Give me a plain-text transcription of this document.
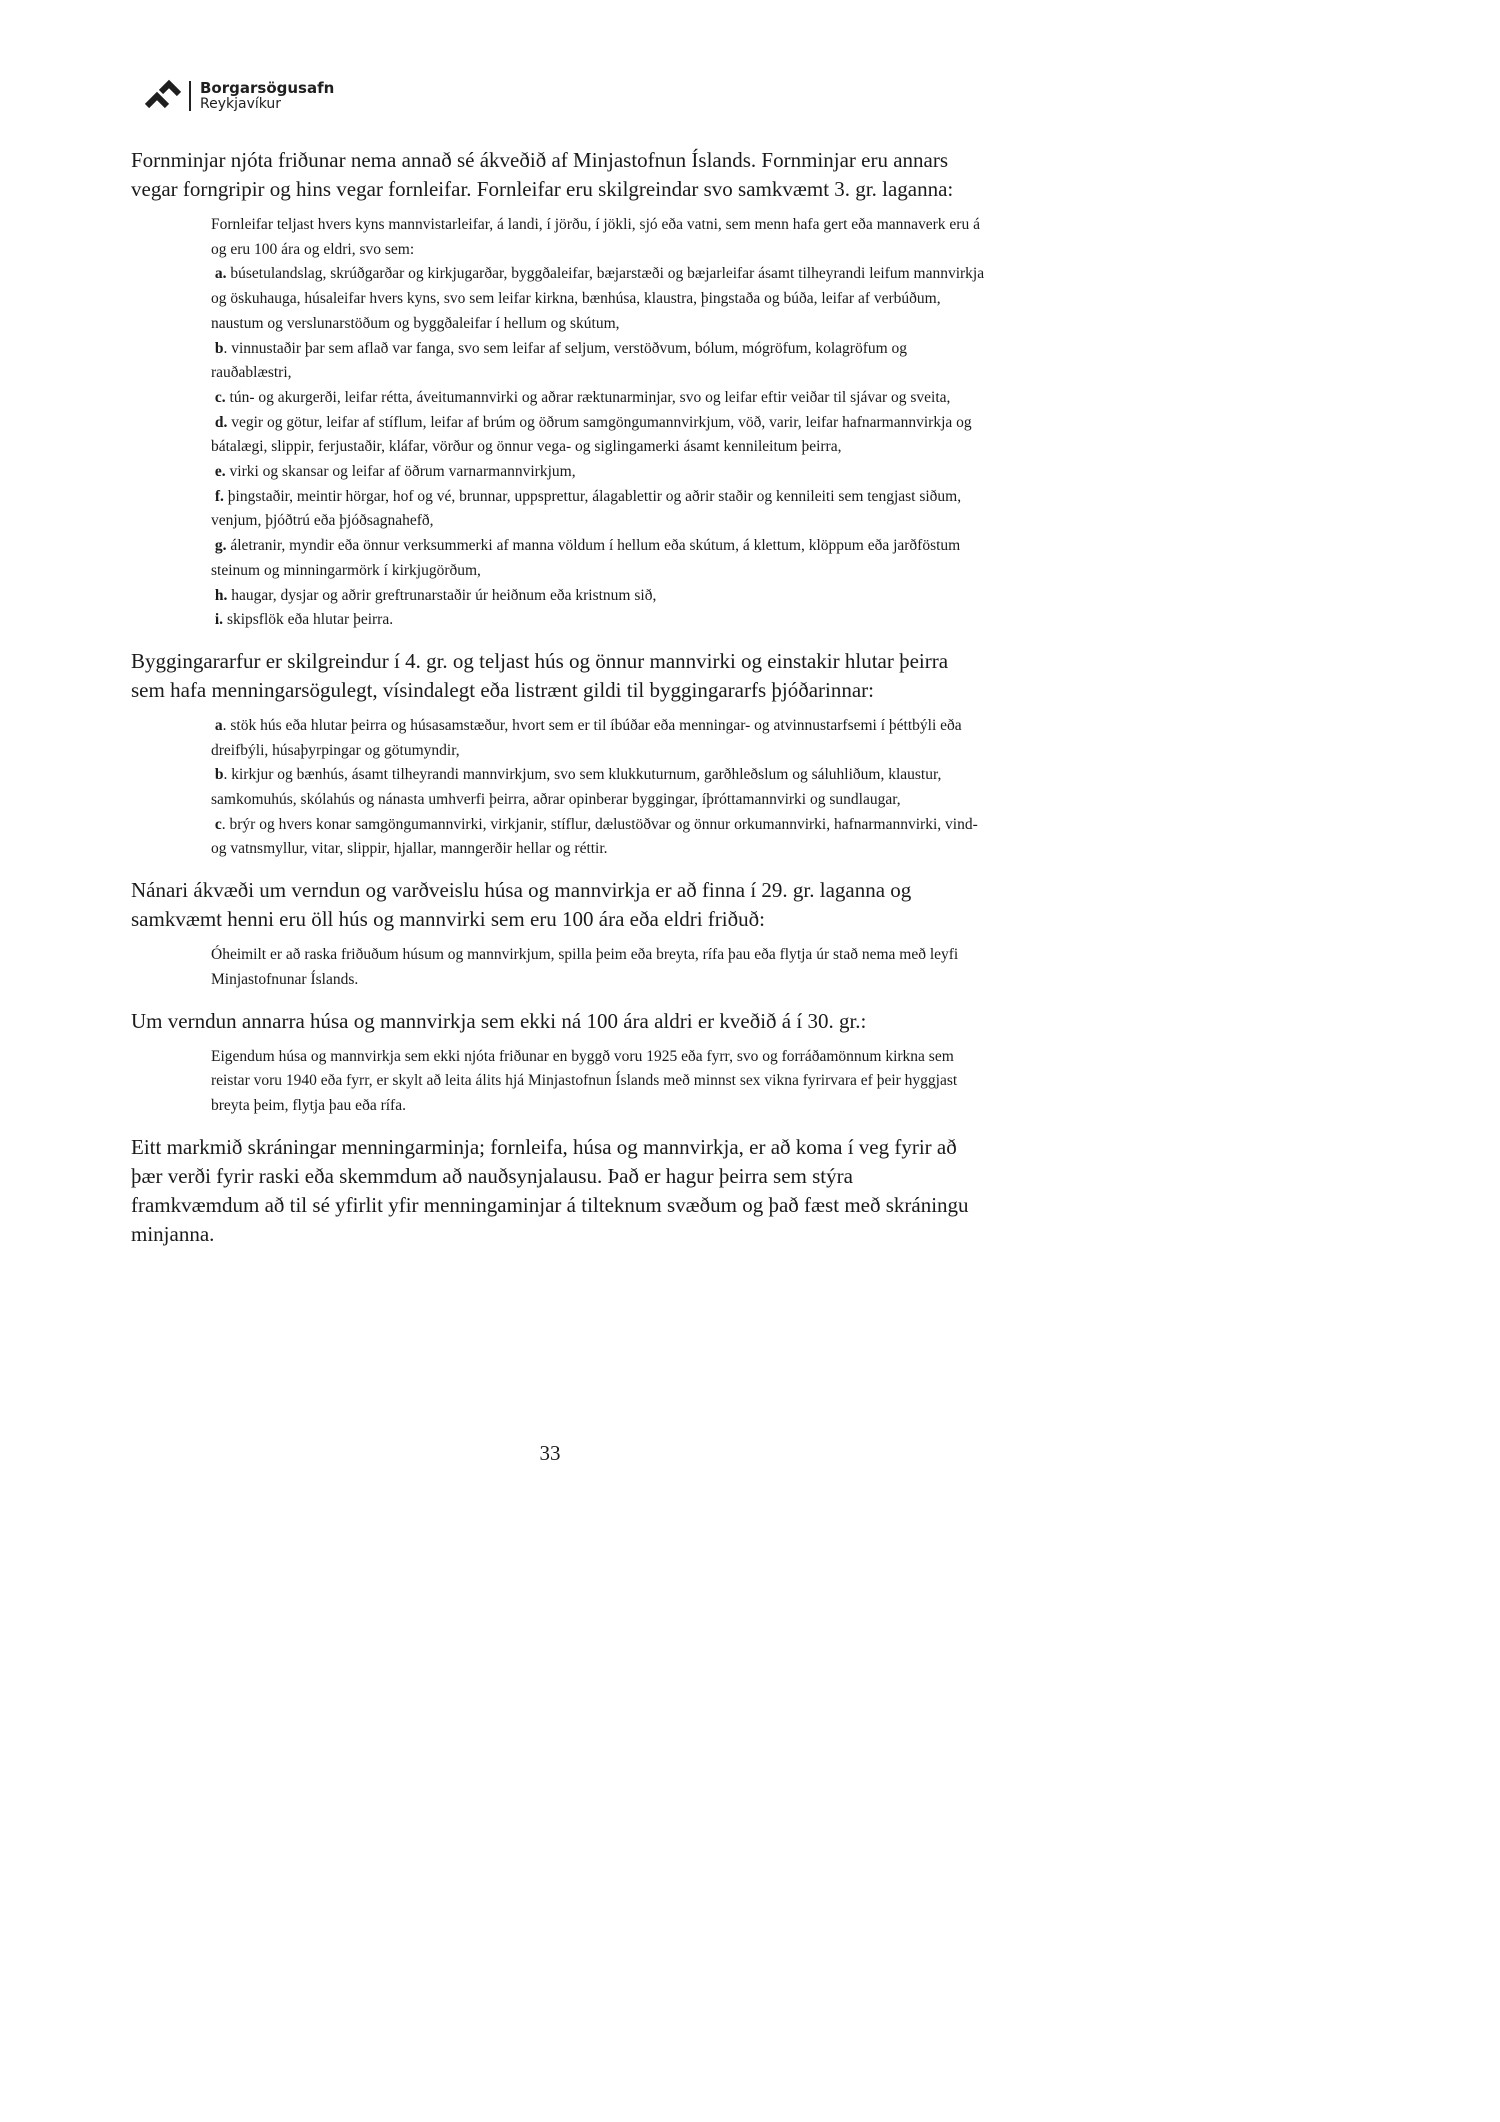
Borgarsögusafn
Reykjavíkur

Fornminjar njóta friðunar nema annað sé ákveðið af Minjastofnun Íslands. Fornminjar eru annars vegar forngripir og hins vegar fornleifar. Fornleifar eru skilgreindar svo samkvæmt 3. gr. laganna:

Fornleifar teljast hvers kyns mannvistarleifar, á landi, í jörðu, í jökli, sjó eða vatni, sem menn hafa gert eða mannaverk eru á og eru 100 ára og eldri, svo sem:
a. búsetulandslag, skrúðgarðar og kirkjugarðar, byggðaleifar, bæjarstæði og bæjarleifar ásamt tilheyrandi leifum mannvirkja og öskuhauga, húsaleifar hvers kyns, svo sem leifar kirkna, bænhúsa, klaustra, þingstaða og búða, leifar af verbúðum, naustum og verslunarstöðum og byggðaleifar í hellum og skútum,
b. vinnustaðir þar sem aflað var fanga, svo sem leifar af seljum, verstöðvum, bólum, mógröfum, kolagröfum og rauðablæstri,
c. tún- og akurgerði, leifar rétta, áveitumannvirki og aðrar ræktunarminjar, svo og leifar eftir veiðar til sjávar og sveita,
d. vegir og götur, leifar af stíflum, leifar af brúm og öðrum samgöngumannvirkjum, vöð, varir, leifar hafnarmannvirkja og bátalægi, slippir, ferjustaðir, kláfar, vörður og önnur vega- og siglingamerki ásamt kennileitum þeirra,
e. virki og skansar og leifar af öðrum varnarmannvirkjum,
f. þingstaðir, meintir hörgar, hof og vé, brunnar, uppsprettur, álagablettir og aðrir staðir og kennileiti sem tengjast siðum, venjum, þjóðtrú eða þjóðsagnahefð,
g. áletranir, myndir eða önnur verksummerki af manna völdum í hellum eða skútum, á klettum, klöppum eða jarðföstum steinum og minningarmörk í kirkjugörðum,
h. haugar, dysjar og aðrir greftrunarstaðir úr heiðnum eða kristnum sið,
i. skipsflök eða hlutar þeirra.

Byggingararfur er skilgreindur í 4. gr. og teljast hús og önnur mannvirki og einstakir hlutar þeirra sem hafa menningarsögulegt, vísindalegt eða listrænt gildi til byggingararfs þjóðarinnar:

a. stök hús eða hlutar þeirra og húsasamstæður, hvort sem er til íbúðar eða menningar- og atvinnustarfsemi í þéttbýli eða dreifbýli, húsaþyrpingar og götumyndir,
b. kirkjur og bænhús, ásamt tilheyrandi mannvirkjum, svo sem klukkuturnum, garðhleðslum og sáluhliðum, klaustur, samkomuhús, skólahús og nánasta umhverfi þeirra, aðrar opinberar byggingar, íþróttamannvirki og sundlaugar,
c. brýr og hvers konar samgöngumannvirki, virkjanir, stíflur, dælustöðvar og önnur orkumannvirki, hafnarmannvirki, vind- og vatnsmyllur, vitar, slippir, hjallar, manngerðir hellar og réttir.

Nánari ákvæði um verndun og varðveislu húsa og mannvirkja er að finna í 29. gr. laganna og samkvæmt henni eru öll hús og mannvirki sem eru 100 ára eða eldri friðuð:

Óheimilt er að raska friðuðum húsum og mannvirkjum, spilla þeim eða breyta, rífa þau eða flytja úr stað nema með leyfi Minjastofnunar Íslands.

Um verndun annarra húsa og mannvirkja sem ekki ná 100 ára aldri er kveðið á í 30. gr.:

Eigendum húsa og mannvirkja sem ekki njóta friðunar en byggð voru 1925 eða fyrr, svo og forráðamönnum kirkna sem reistar voru 1940 eða fyrr, er skylt að leita álits hjá Minjastofnun Íslands með minnst sex vikna fyrirvara ef þeir hyggjast breyta þeim, flytja þau eða rífa.

Eitt markmið skráningar menningarminja; fornleifa, húsa og mannvirkja, er að koma í veg fyrir að þær verði fyrir raski eða skemmdum að nauðsynjalausu. Það er hagur þeirra sem stýra framkvæmdum að til sé yfirlit yfir menningaminjar á tilteknum svæðum og það fæst með skráningu minjanna.

33
